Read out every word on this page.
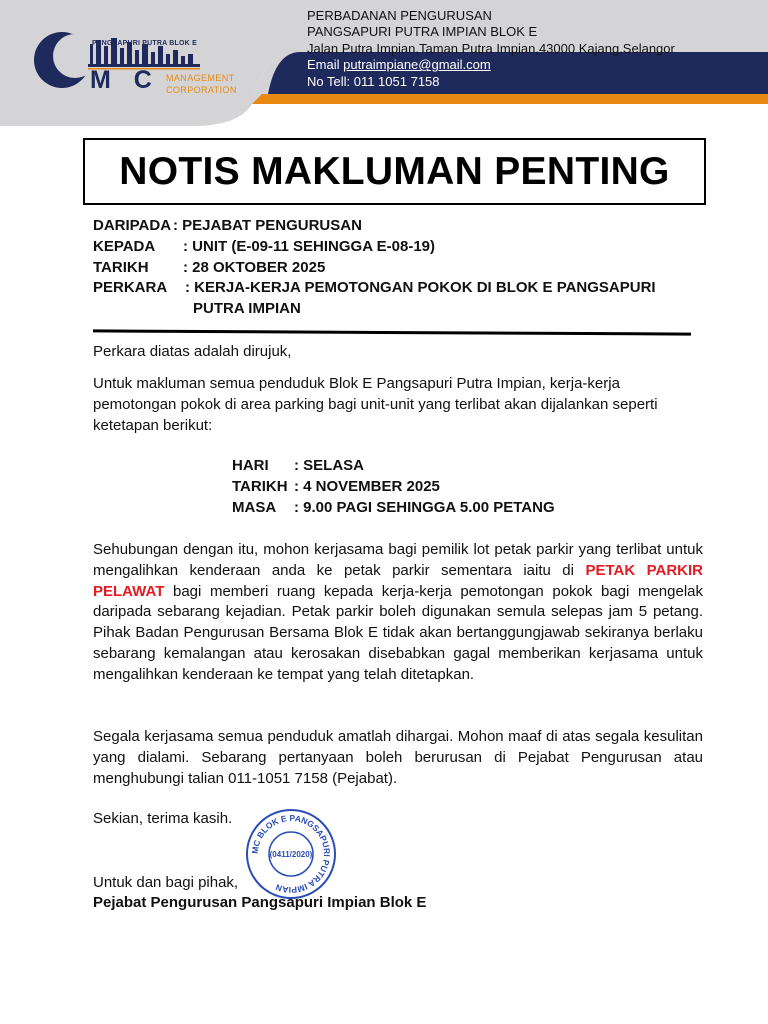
PANGSAPURI PUTRA BLOK E
M C MANAGEMENT
CORPORATION
PERBADANAN PENGURUSAN
PANGSAPURI PUTRA IMPIAN BLOK E
Jalan Putra Impian,Taman Putra Impian,43000 Kajang,Selangor
Email putraimpiane@gmail.com
No Tell: 011 1051 7158
NOTIS MAKLUMAN PENTING
DARIPADA : PEJABAT PENGURUSAN
KEPADA : UNIT (E-09-11 SEHINGGA E-08-19)
TARIKH : 28 OKTOBER 2025
PERKARA : KERJA-KERJA PEMOTONGAN POKOK DI BLOK E PANGSAPURI
PUTRA IMPIAN
Perkara diatas adalah dirujuk,
Untuk makluman semua penduduk Blok E Pangsapuri Putra Impian, kerja-kerja pemotongan pokok di area parking bagi unit-unit yang terlibat akan dijalankan seperti ketetapan berikut:
HARI : SELASA
TARIKH : 4 NOVEMBER 2025
MASA : 9.00 PAGI SEHINGGA 5.00 PETANG
Sehubungan dengan itu, mohon kerjasama bagi pemilik lot petak parkir yang terlibat untuk mengalihkan kenderaan anda ke petak parkir sementara iaitu di PETAK PARKIR PELAWAT bagi memberi ruang kepada kerja-kerja pemotongan pokok bagi mengelak daripada sebarang kejadian. Petak parkir boleh digunakan semula selepas jam 5 petang. Pihak Badan Pengurusan Bersama Blok E tidak akan bertanggungjawab sekiranya berlaku sebarang kemalangan atau kerosakan disebabkan gagal memberikan kerjasama untuk mengalihkan kenderaan ke tempat yang telah ditetapkan.
Segala kerjasama semua penduduk amatlah dihargai. Mohon maaf di atas segala kesulitan yang dialami. Sebarang pertanyaan boleh berurusan di Pejabat Pengurusan atau menghubungi talian 011-1051 7158 (Pejabat).
Sekian, terima kasih.
Untuk dan bagi pihak,
Pejabat Pengurusan Pangsapuri Impian Blok E
MC BLOK E PANGSAPURI PUTRA IMPIAN
(0411/2020)
